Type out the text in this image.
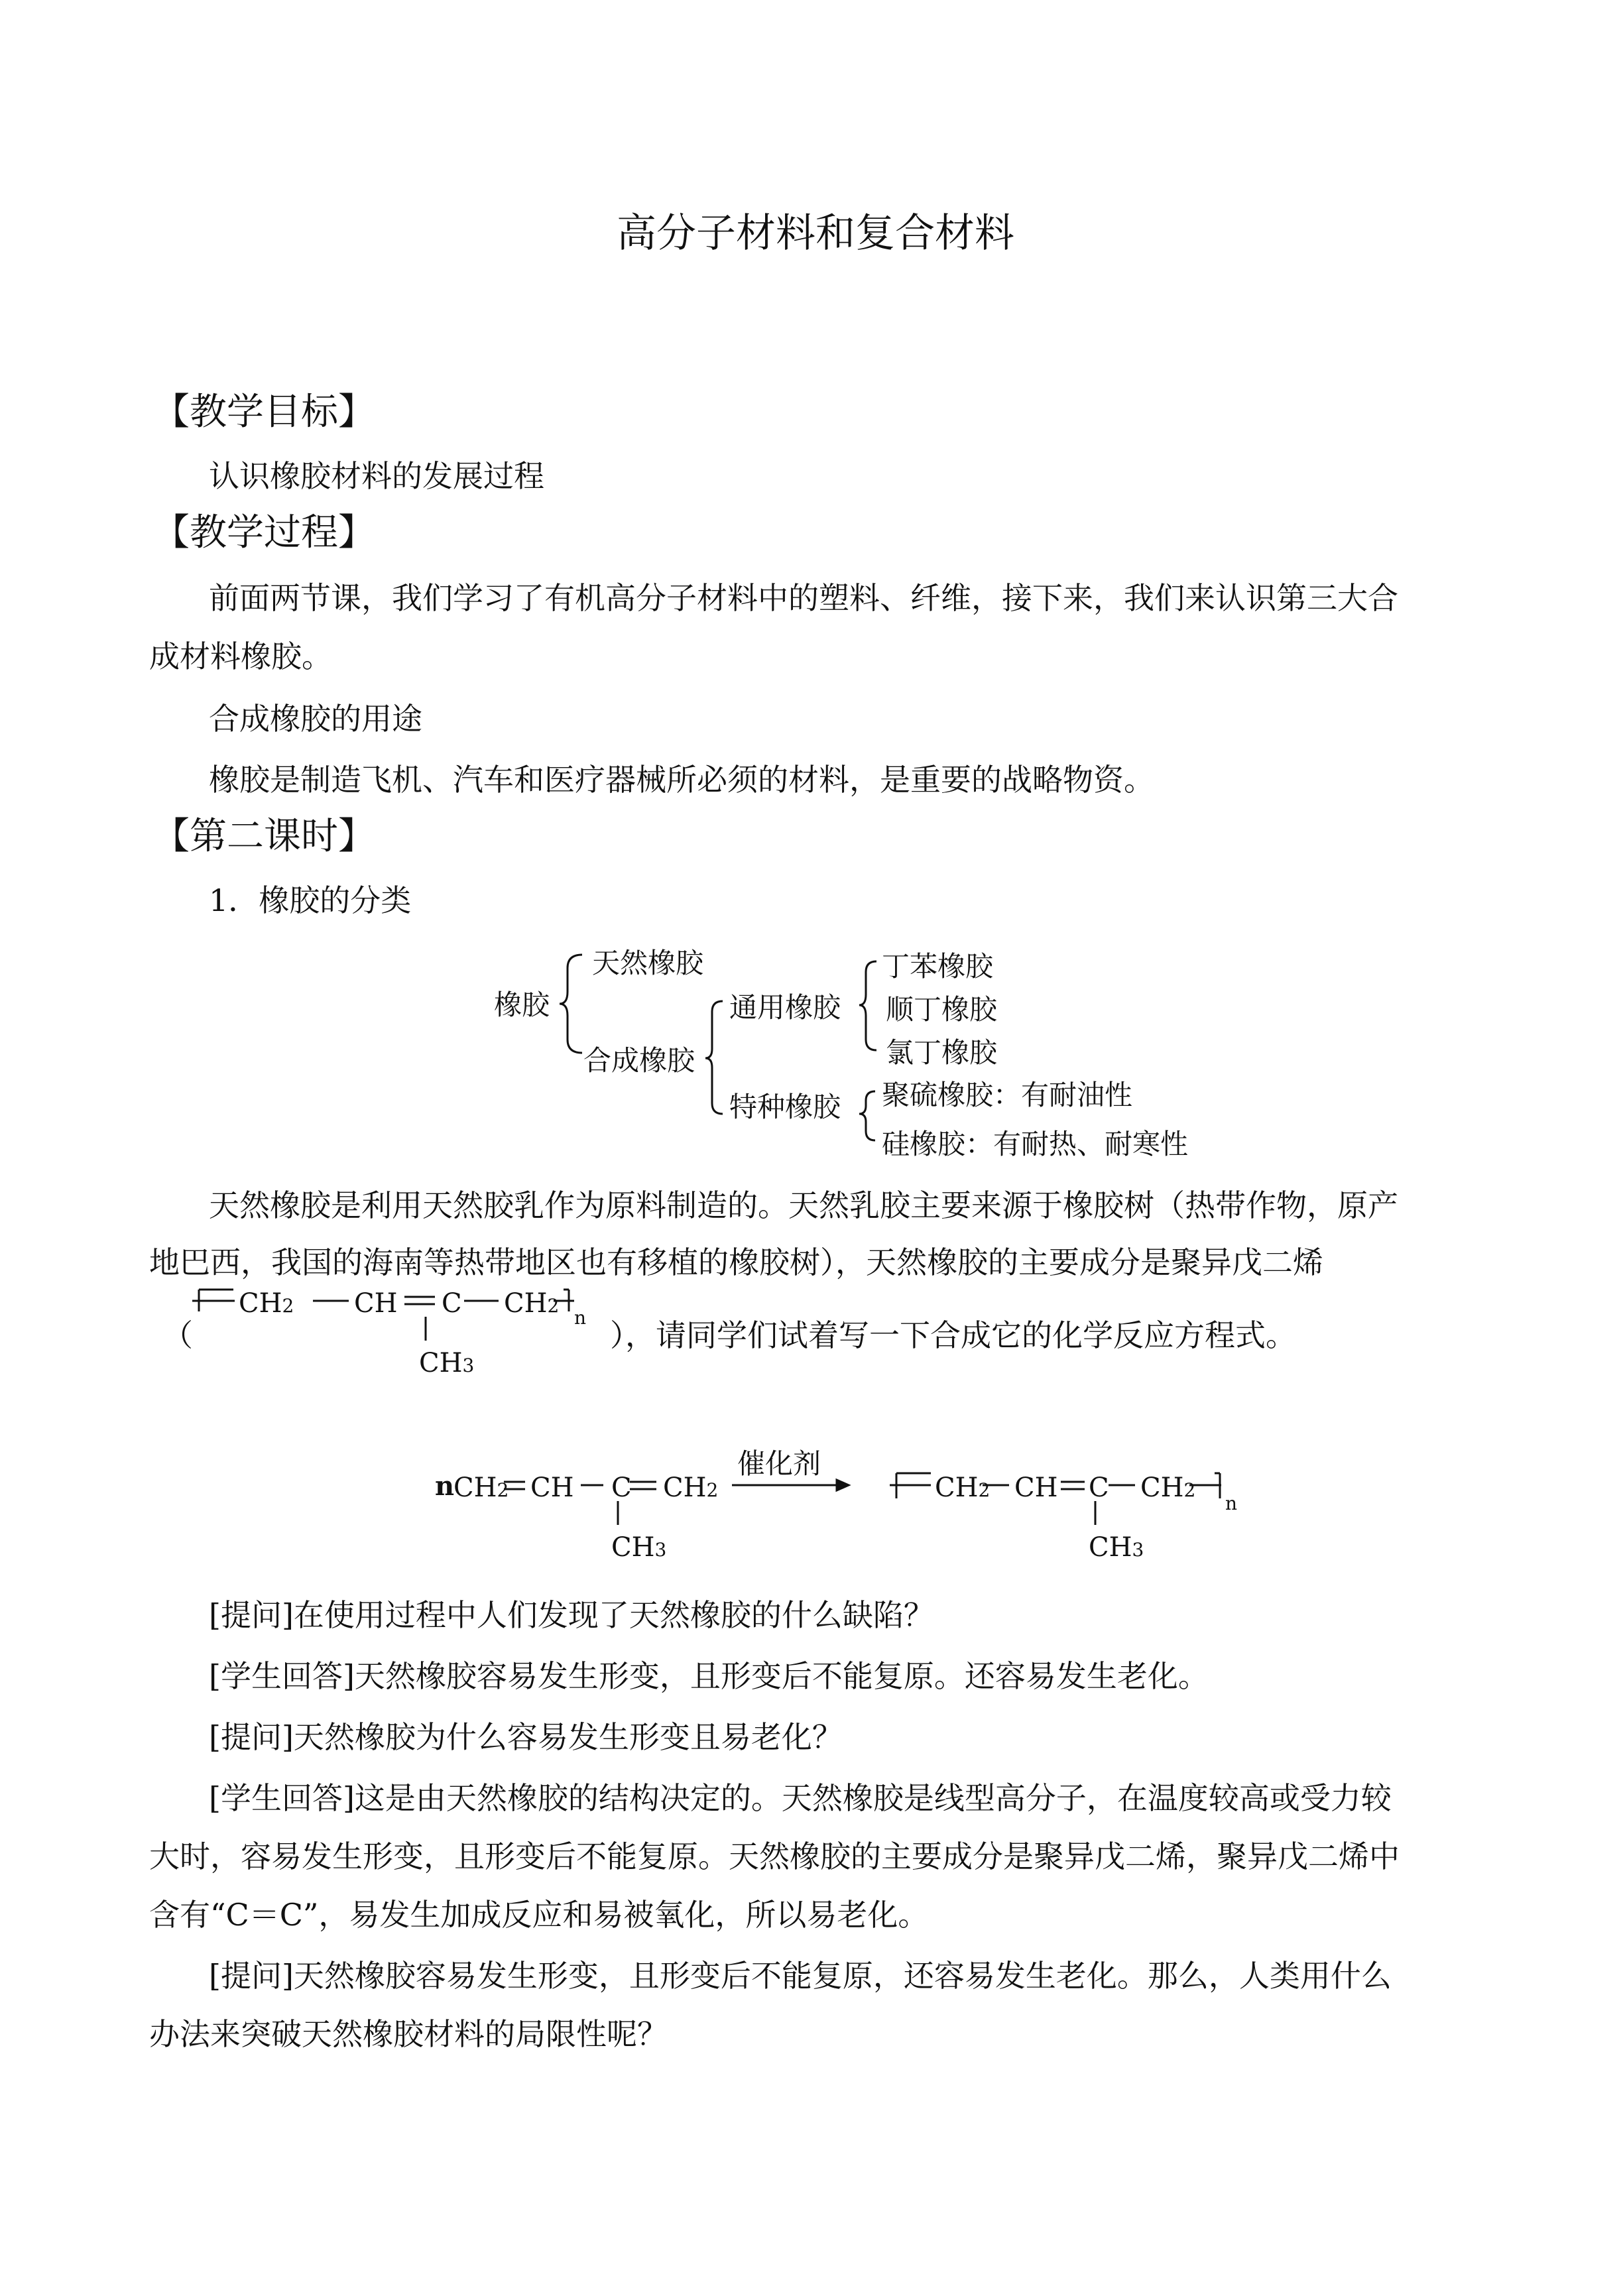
高分子材料和复合材料
【教学目标】
认识橡胶材料的发展过程
【教学过程】
前面两节课，我们学习了有机高分子材料中的塑料、纤维，接下来，我们来认识第三大合
成材料橡胶。
合成橡胶的用途
橡胶是制造飞机、汽车和医疗器械所必须的材料，是重要的战略物资。
【第二课时】
1．橡胶的分类
橡胶
天然橡胶
合成橡胶
通用橡胶
特种橡胶
丁苯橡胶
顺丁橡胶
氯丁橡胶
聚硫橡胶：有耐油性
硅橡胶：有耐热、耐寒性
天然橡胶是利用天然胶乳作为原料制造的。天然乳胶主要来源于橡胶树（热带作物，原产
地巴西，我国的海南等热带地区也有移植的橡胶树），天然橡胶的主要成分是聚异戊二烯
（
CH2 CH C CH2
n
CH3
），请同学们试着写一下合成它的化学反应方程式。
n
CH2 CH C CH2
CH3
催化剂
CH2 CH C CH2
n
CH3
[提问]在使用过程中人们发现了天然橡胶的什么缺陷？
[学生回答]天然橡胶容易发生形变，且形变后不能复原。还容易发生老化。
[提问]天然橡胶为什么容易发生形变且易老化？
[学生回答]这是由天然橡胶的结构决定的。天然橡胶是线型高分子，在温度较高或受力较
大时，容易发生形变，且形变后不能复原。天然橡胶的主要成分是聚异戊二烯，聚异戊二烯中
含有“C＝C”，易发生加成反应和易被氧化，所以易老化。
[提问]天然橡胶容易发生形变，且形变后不能复原，还容易发生老化。那么，人类用什么
办法来突破天然橡胶材料的局限性呢？
